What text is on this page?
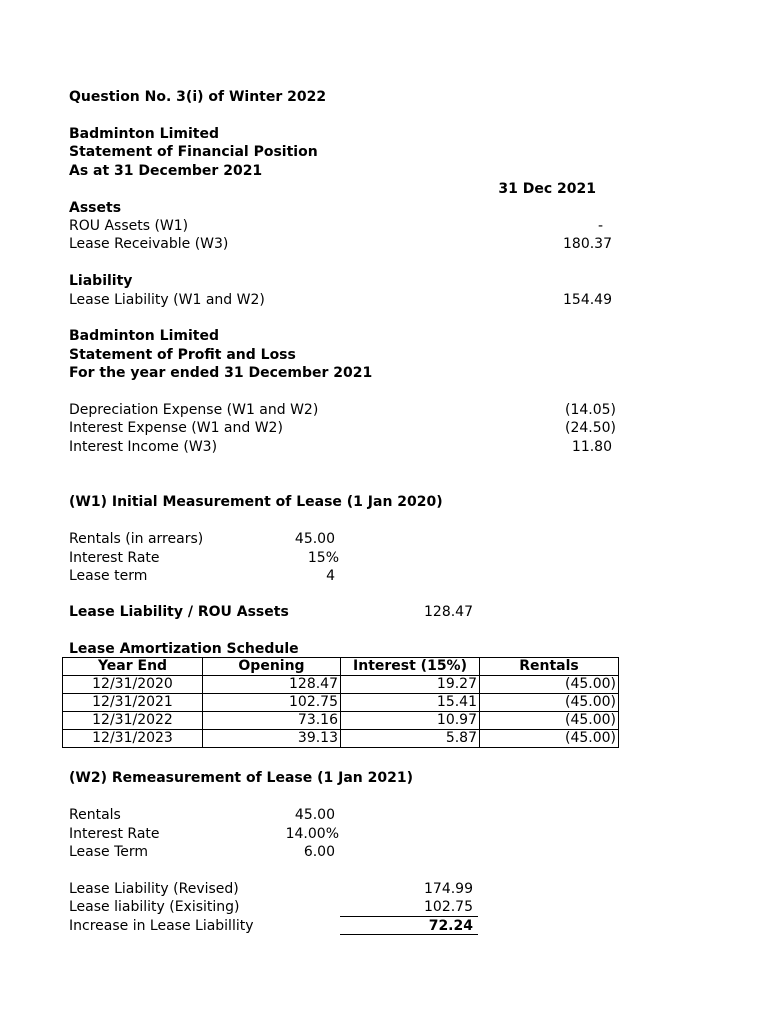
Question No. 3(i) of Winter 2022
Badminton Limited
Statement of Financial Position
As at 31 December 2021
31 Dec 2021
Assets
ROU Assets (W1)	-
Lease Receivable (W3)	180.37
Liability
Lease Liability (W1 and W2)	154.49
Badminton Limited
Statement of Profit and Loss
For the year ended 31 December 2021
Depreciation Expense (W1 and W2)	(14.05)
Interest Expense (W1 and W2)	(24.50)
Interest Income (W3)	11.80
(W1) Initial Measurement of Lease (1 Jan 2020)
Rentals (in arrears)	45.00
Interest Rate	15%
Lease term	4
Lease Liability / ROU Assets	128.47
Lease Amortization Schedule
Year End	Opening	Interest (15%)	Rentals
12/31/2020	128.47	19.27	(45.00)
12/31/2021	102.75	15.41	(45.00)
12/31/2022	73.16	10.97	(45.00)
12/31/2023	39.13	5.87	(45.00)
(W2) Remeasurement of Lease (1 Jan 2021)
Rentals	45.00
Interest Rate	14.00%
Lease Term	6.00
Lease Liability (Revised)	174.99
Lease liability (Exisiting)	102.75
Increase in Lease Liabillity	72.24
